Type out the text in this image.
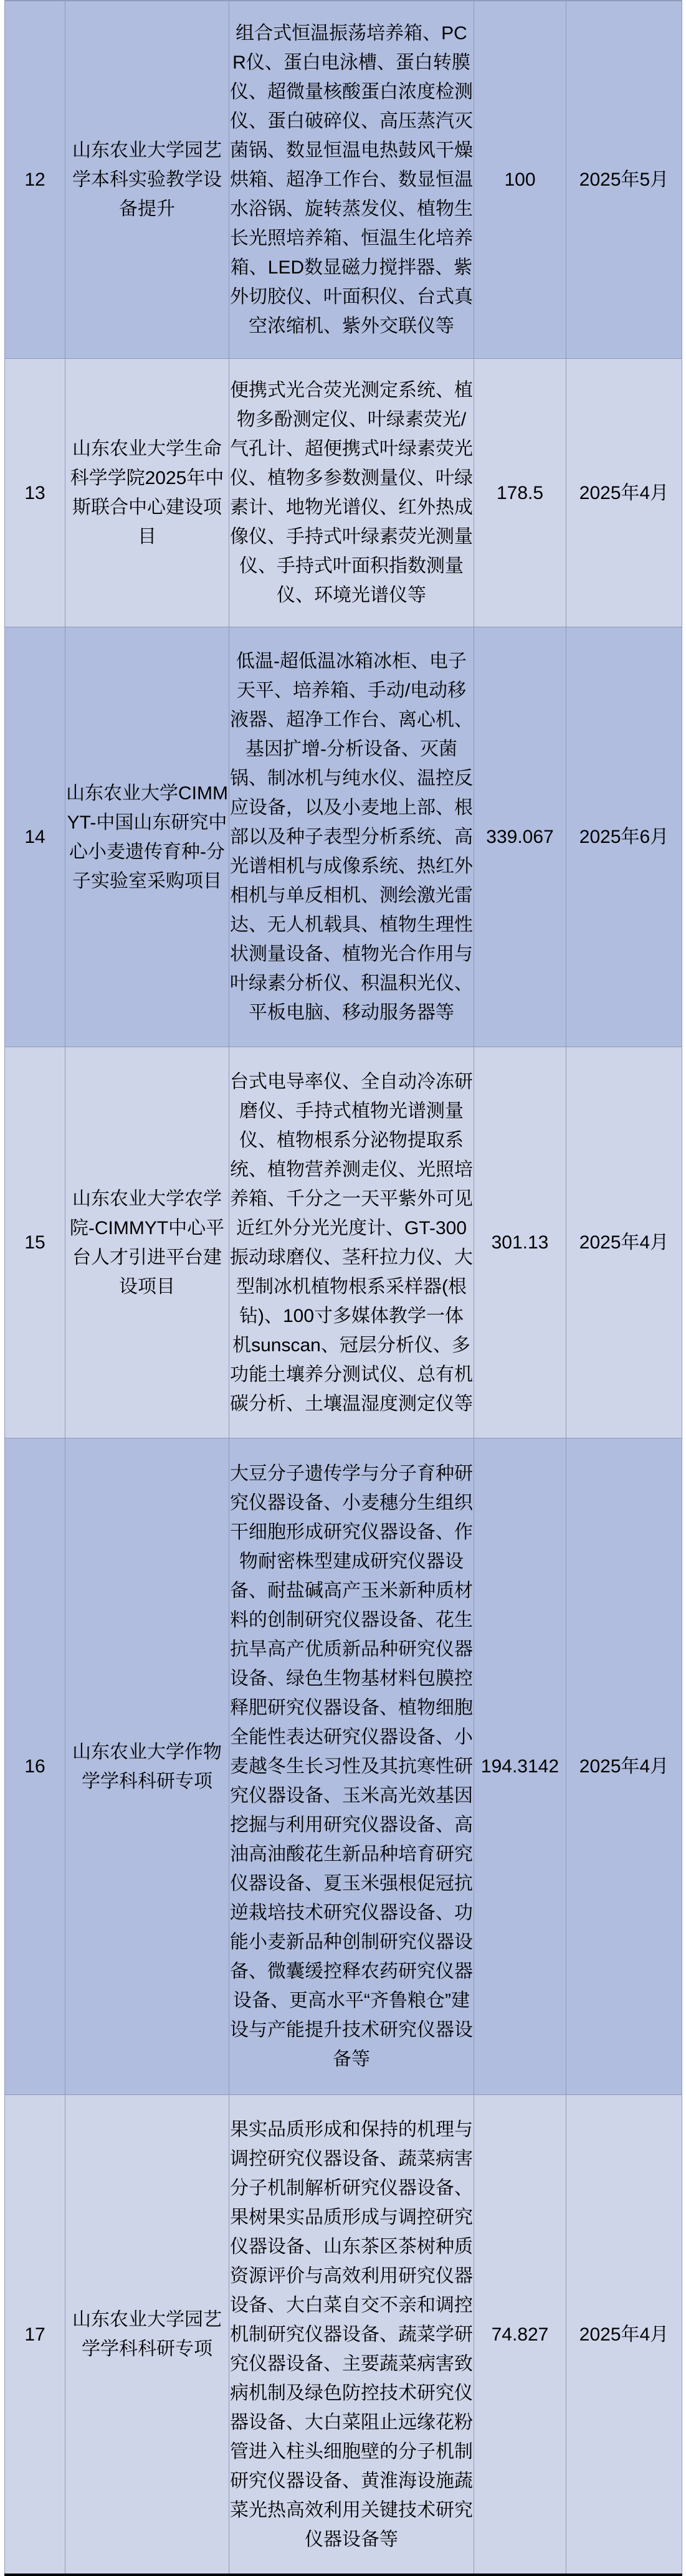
12	山东农业大学园艺学本科实验教学设备提升	组合式恒温振荡培养箱、PCR仪、蛋白电泳槽、蛋白转膜仪、超微量核酸蛋白浓度检测仪、蛋白破碎仪、高压蒸汽灭菌锅、数显恒温电热鼓风干燥烘箱、超净工作台、数显恒温水浴锅、旋转蒸发仪、植物生长光照培养箱、恒温生化培养箱、LED数显磁力搅拌器、紫外切胶仪、叶面积仪、台式真空浓缩机、紫外交联仪等	100	2025年5月

13	山东农业大学生命科学学院2025年中斯联合中心建设项目	便携式光合荧光测定系统、植物多酚测定仪、叶绿素荧光/气孔计、超便携式叶绿素荧光仪、植物多参数测量仪、叶绿素计、地物光谱仪、红外热成像仪、手持式叶绿素荧光测量仪、手持式叶面积指数测量仪、环境光谱仪等	178.5	2025年4月

14	山东农业大学CIMMYT-中国山东研究中心小麦遗传育种-分子实验室采购项目	低温-超低温冰箱冰柜、电子天平、培养箱、手动/电动移液器、超净工作台、离心机、基因扩增-分析设备、灭菌锅、制冰机与纯水仪、温控反应设备，以及小麦地上部、根部以及种子表型分析系统、高光谱相机与成像系统、热红外相机与单反相机、测绘激光雷达、无人机载具、植物生理性状测量设备、植物光合作用与叶绿素分析仪、积温积光仪、平板电脑、移动服务器等	339.067	2025年6月

15	山东农业大学农学院-CIMMYT中心平台人才引进平台建设项目	台式电导率仪、全自动冷冻研磨仪、手持式植物光谱测量仪、植物根系分泌物提取系统、植物营养测走仪、光照培养箱、千分之一天平紫外可见近红外分光光度计、GT-300振动球磨仪、茎秆拉力仪、大型制冰机植物根系采样器(根钻)、100寸多媒体教学一体机sunscan、冠层分析仪、多功能土壤养分测试仪、总有机碳分析、土壤温湿度测定仪等	301.13	2025年4月

16	山东农业大学作物学学科科研专项	大豆分子遗传学与分子育种研究仪器设备、小麦穗分生组织干细胞形成研究仪器设备、作物耐密株型建成研究仪器设备、耐盐碱高产玉米新种质材料的创制研究仪器设备、花生抗旱高产优质新品种研究仪器设备、绿色生物基材料包膜控释肥研究仪器设备、植物细胞全能性表达研究仪器设备、小麦越冬生长习性及其抗寒性研究仪器设备、玉米高光效基因挖掘与利用研究仪器设备、高油高油酸花生新品种培育研究仪器设备、夏玉米强根促冠抗逆栽培技术研究仪器设备、功能小麦新品种创制研究仪器设备、微囊缓控释农药研究仪器设备、更高水平“齐鲁粮仓”建设与产能提升技术研究仪器设备等	194.3142	2025年4月

17	山东农业大学园艺学学科科研专项	果实品质形成和保持的机理与调控研究仪器设备、蔬菜病害分子机制解析研究仪器设备、果树果实品质形成与调控研究仪器设备、山东茶区茶树种质资源评价与高效利用研究仪器设备、大白菜自交不亲和调控机制研究仪器设备、蔬菜学研究仪器设备、主要蔬菜病害致病机制及绿色防控技术研究仪器设备、大白菜阻止远缘花粉管进入柱头细胞壁的分子机制研究仪器设备、黄淮海设施蔬菜光热高效利用关键技术研究仪器设备等	74.827	2025年4月
